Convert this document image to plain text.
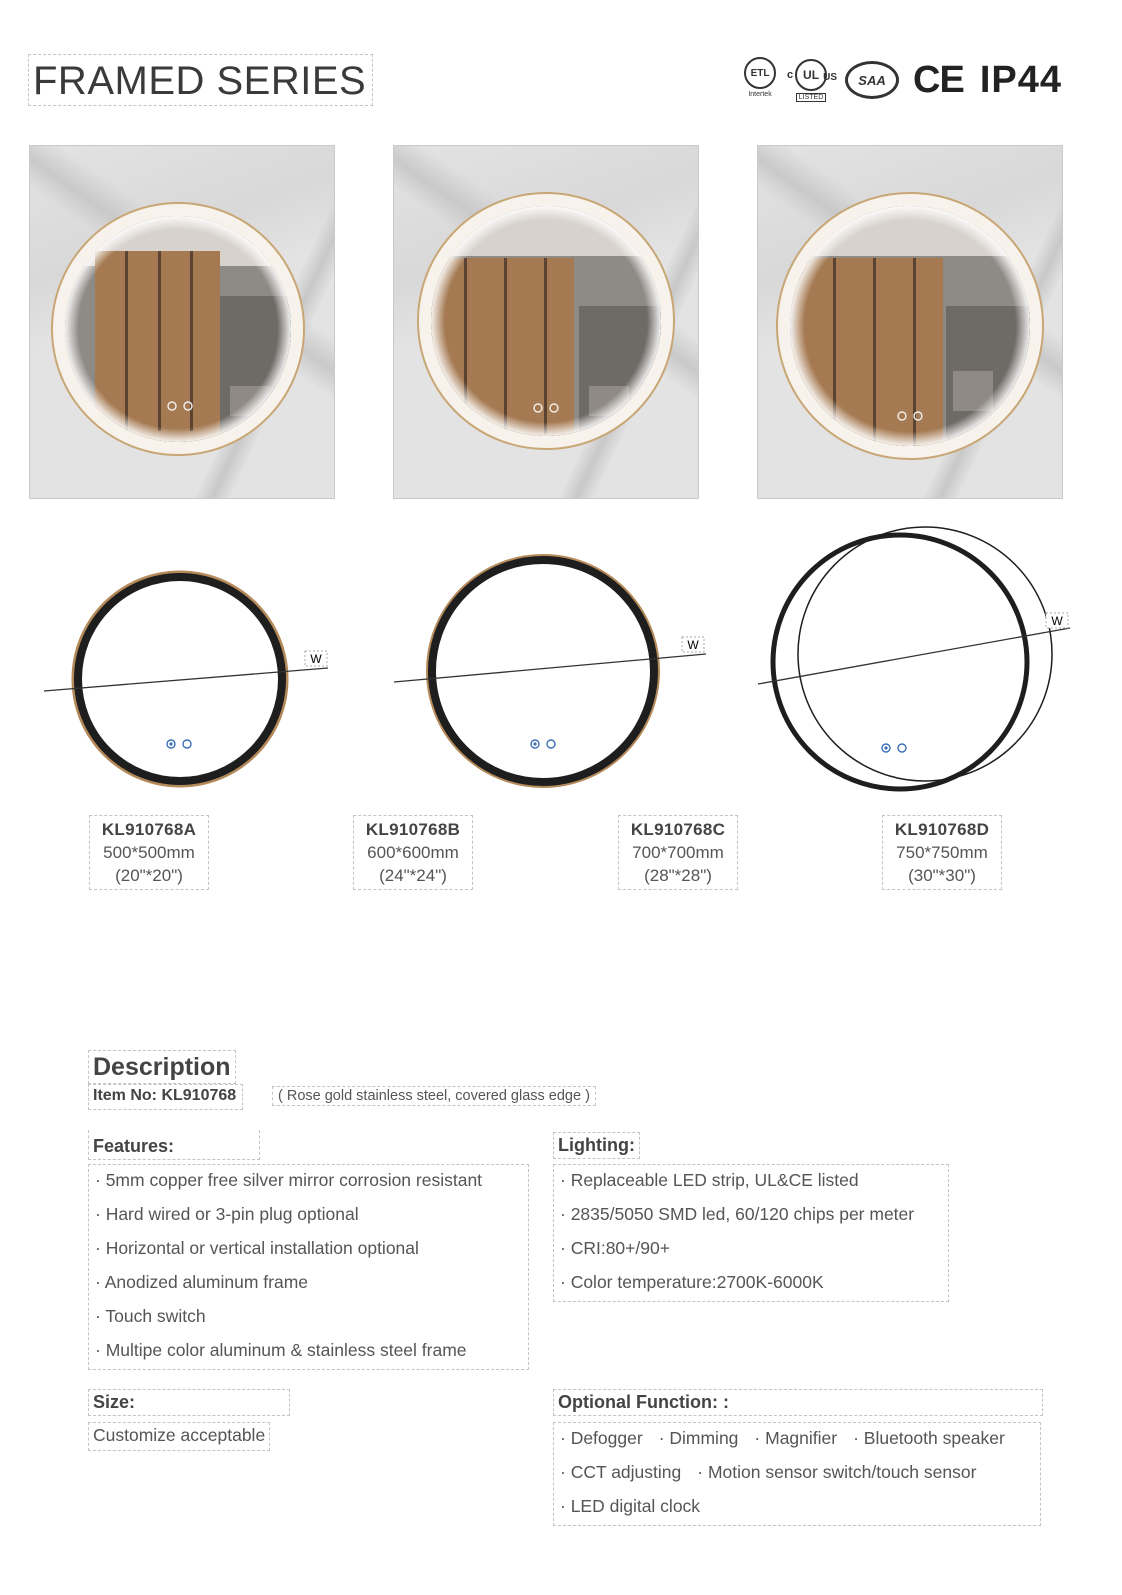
FRAMED SERIES	ETL
Intertek
c UL US
LISTED
SAA CE IP44
W
W
W
KL910768A
500*500mm
(20"*20")
KL910768B
600*600mm
(24"*24")
KL910768C
700*700mm
(28"*28")
KL910768D
750*750mm
(30"*30")
Description
Item No: KL910768	( Rose gold stainless steel, covered glass edge )
Features:
· 5mm copper free silver mirror corrosion resistant
· Hard wired or 3-pin plug optional
· Horizontal or vertical installation optional
· Anodized aluminum frame
· Touch switch
· Multipe color aluminum & stainless steel frame
Lighting:
· Replaceable LED strip, UL&CE listed
· 2835/5050 SMD led, 60/120 chips per meter
· CRI:80+/90+
· Color temperature:2700K-6000K
Size:
Customize acceptable
Optional Function: :
· Defogger · Dimming · Magnifier · Bluetooth speaker
· CCT adjusting · Motion sensor switch/touch sensor
· LED digital clock
